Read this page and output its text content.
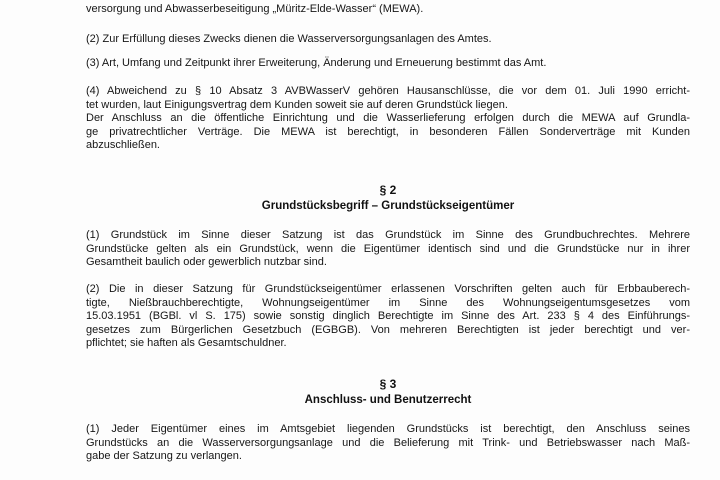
versorgung und Abwasserbeseitigung „Müritz-Elde-Wasser“ (MEWA).
(2) Zur Erfüllung dieses Zwecks dienen die Wasserversorgungsanlagen des Amtes.
(3) Art, Umfang und Zeitpunkt ihrer Erweiterung, Änderung und Erneuerung bestimmt das Amt.
(4) Abweichend zu § 10 Absatz 3 AVBWasserV gehören Hausanschlüsse, die vor dem 01. Juli 1990 erricht-
tet wurden, laut Einigungsvertrag dem Kunden soweit sie auf deren Grundstück liegen.
Der Anschluss an die öffentliche Einrichtung und die Wasserlieferung erfolgen durch die MEWA auf Grundla-
ge privatrechtlicher Verträge. Die MEWA ist berechtigt, in besonderen Fällen Sonderverträge mit Kunden
abzuschließen.
§ 2
Grundstücksbegriff – Grundstückseigentümer
(1) Grundstück im Sinne dieser Satzung ist das Grundstück im Sinne des Grundbuchrechtes. Mehrere
Grundstücke gelten als ein Grundstück, wenn die Eigentümer identisch sind und die Grundstücke nur in ihrer
Gesamtheit baulich oder gewerblich nutzbar sind.
(2) Die in dieser Satzung für Grundstückseigentümer erlassenen Vorschriften gelten auch für Erbbauberech-
tigte, Nießbrauchberechtigte, Wohnungseigentümer im Sinne des Wohnungseigentumsgesetzes vom
15.03.1951 (BGBl. vl S. 175) sowie sonstig dinglich Berechtigte im Sinne des Art. 233 § 4 des Einführungs-
gesetzes zum Bürgerlichen Gesetzbuch (EGBGB). Von mehreren Berechtigten ist jeder berechtigt und ver-
pflichtet; sie haften als Gesamtschuldner.
§ 3
Anschluss- und Benutzerrecht
(1) Jeder Eigentümer eines im Amtsgebiet liegenden Grundstücks ist berechtigt, den Anschluss seines
Grundstücks an die Wasserversorgungsanlage und die Belieferung mit Trink- und Betriebswasser nach Maß-
gabe der Satzung zu verlangen.
